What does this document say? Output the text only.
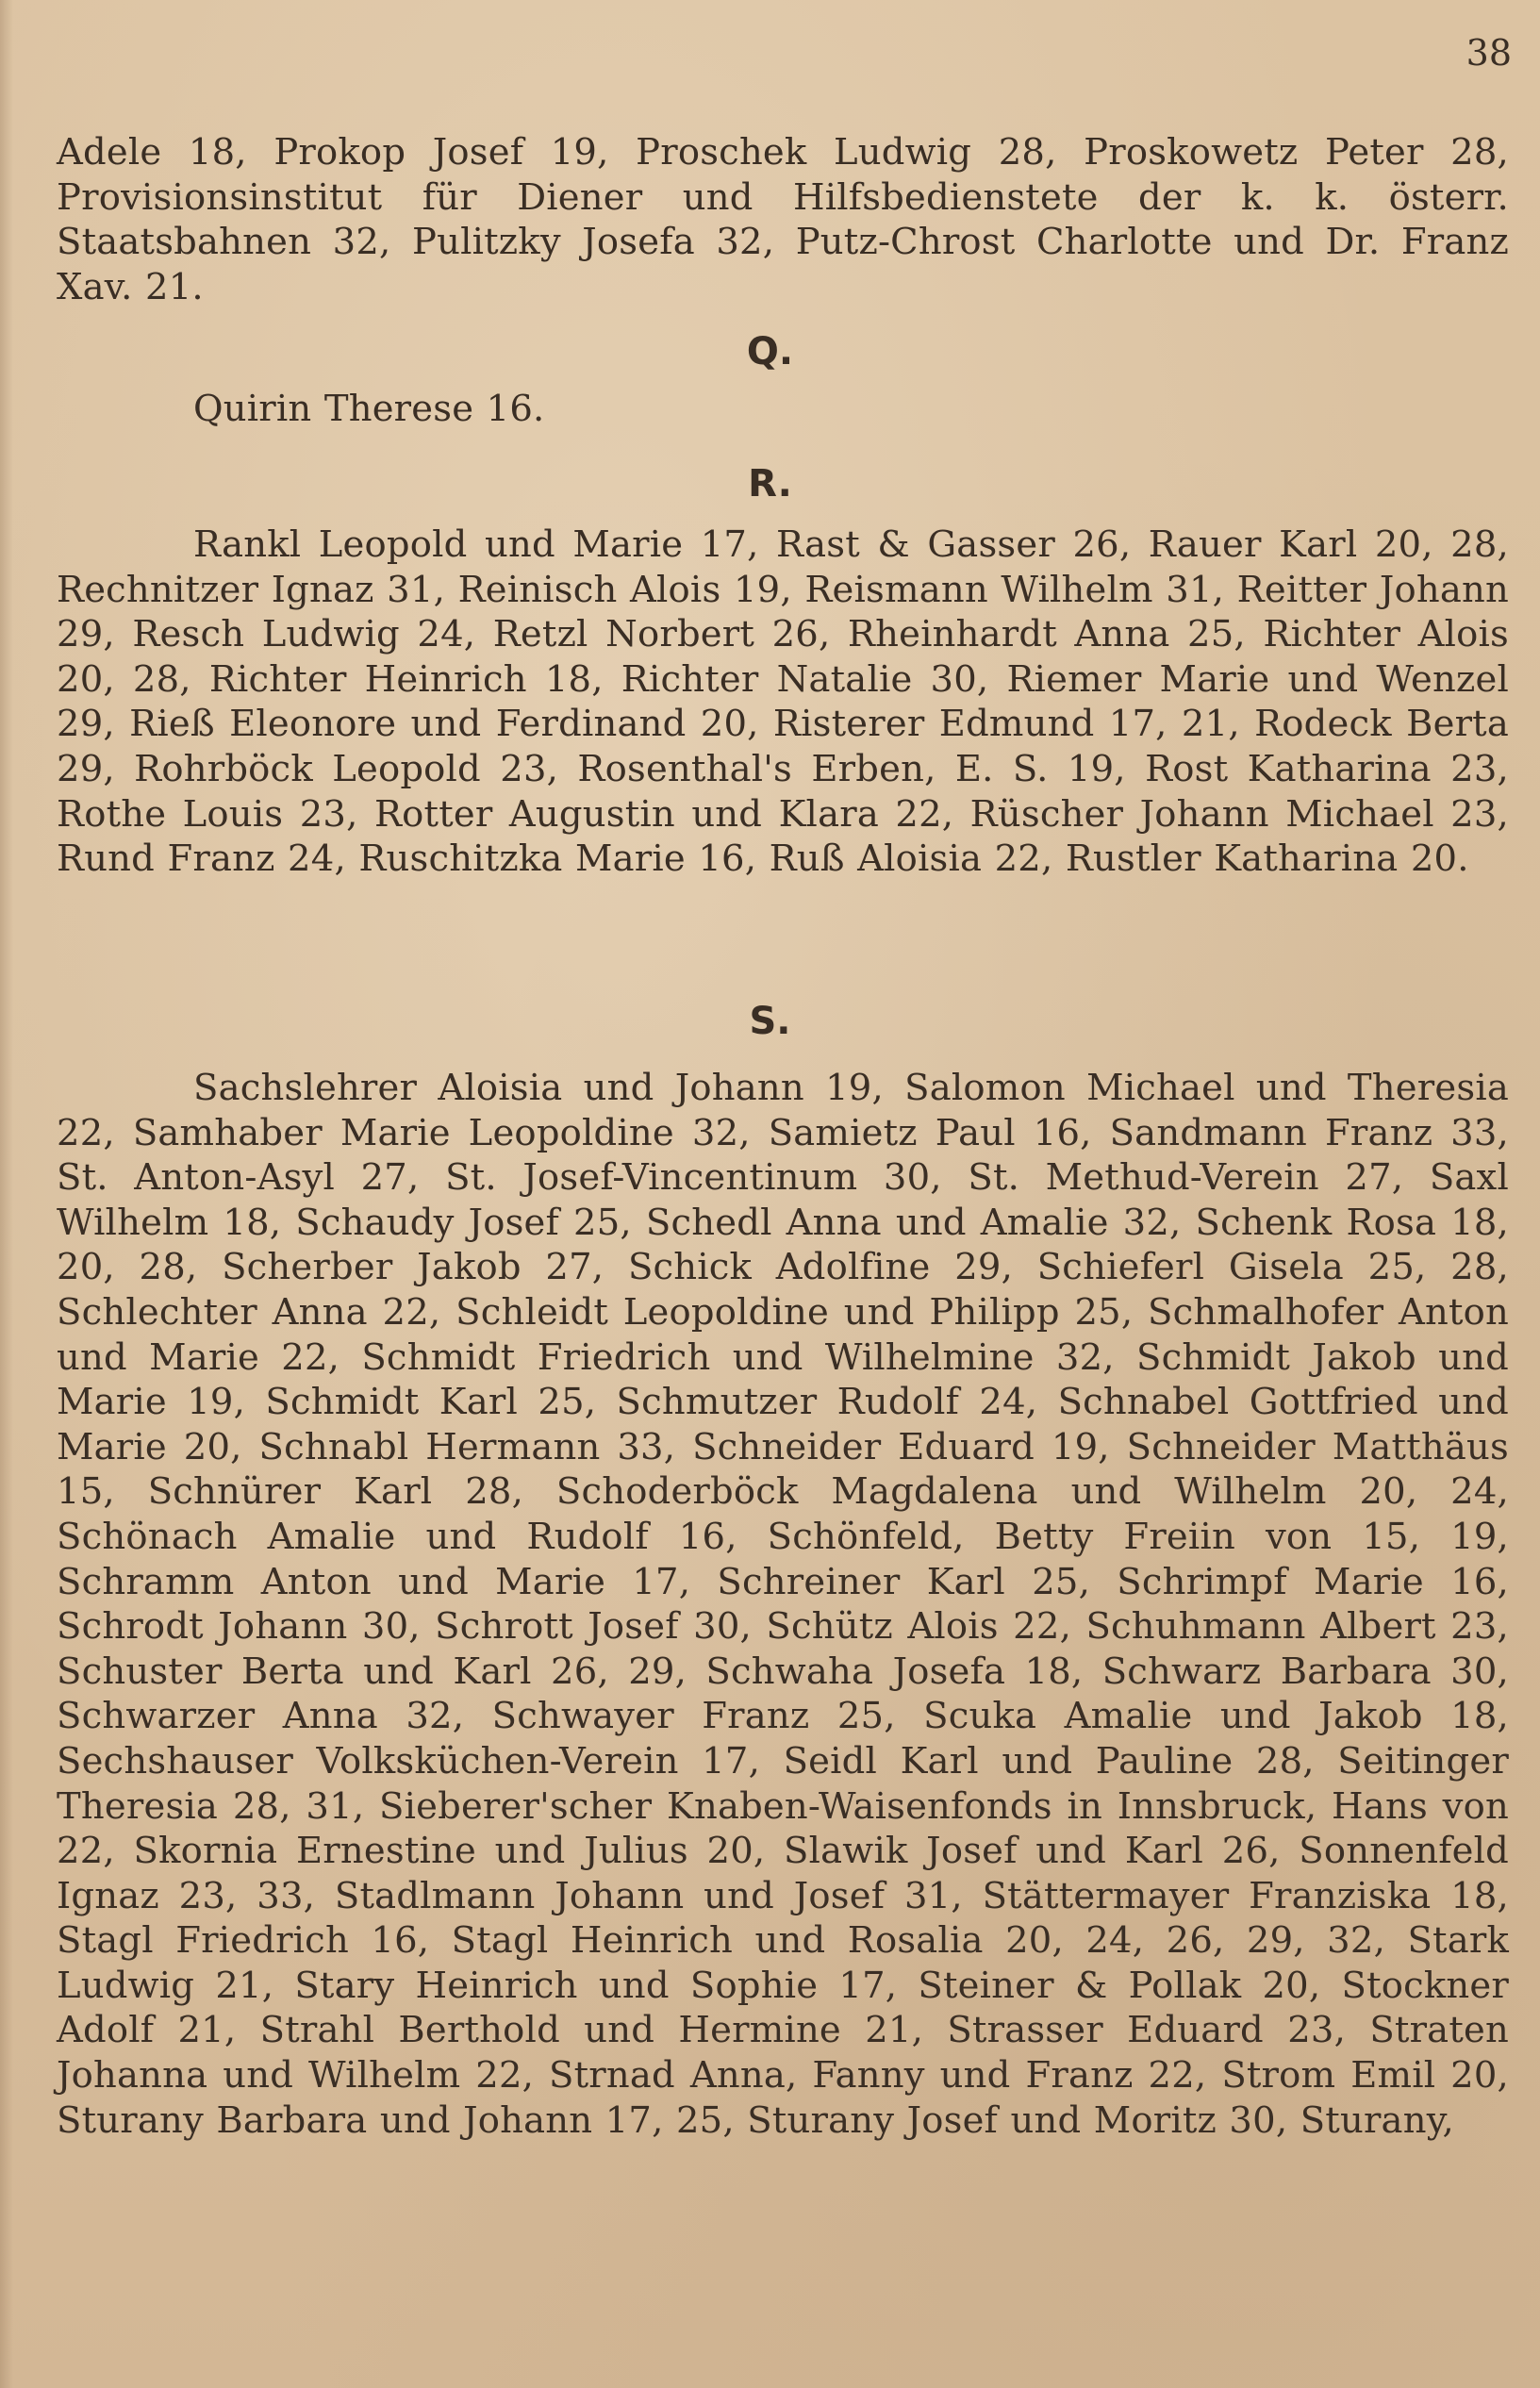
38
Adele 18, Prokop Josef 19, Proschek Ludwig 28, Proskowetz Peter 28, Provisionsinstitut für Diener und Hilfsbedienstete der k. k. österr. Staatsbahnen 32, Pulitzky Josefa 32, Putz-Chrost Charlotte und Dr. Franz Xav. 21.
Q.
Quirin Therese 16.
R.
Rankl Leopold und Marie 17, Rast & Gasser 26, Rauer Karl 20, 28, Rechnitzer Ignaz 31, Reinisch Alois 19, Reismann Wilhelm 31, Reitter Johann 29, Resch Ludwig 24, Retzl Norbert 26, Rheinhardt Anna 25, Richter Alois 20, 28, Richter Heinrich 18, Richter Natalie 30, Riemer Marie und Wenzel 29, Rieß Eleonore und Ferdinand 20, Risterer Edmund 17, 21, Rodeck Berta 29, Rohrböck Leopold 23, Rosenthal's Erben, E. S. 19, Rost Katharina 23, Rothe Louis 23, Rotter Augustin und Klara 22, Rüscher Johann Michael 23, Rund Franz 24, Ruschitzka Marie 16, Ruß Aloisia 22, Rustler Katharina 20.
S.
Sachslehrer Aloisia und Johann 19, Salomon Michael und Theresia 22, Samhaber Marie Leopoldine 32, Samietz Paul 16, Sandmann Franz 33, St. Anton-Asyl 27, St. Josef-Vincentinum 30, St. Methud-Verein 27, Saxl Wilhelm 18, Schaudy Josef 25, Schedl Anna und Amalie 32, Schenk Rosa 18, 20, 28, Scherber Jakob 27, Schick Adolfine 29, Schieferl Gisela 25, 28, Schlechter Anna 22, Schleidt Leopoldine und Philipp 25, Schmalhofer Anton und Marie 22, Schmidt Friedrich und Wilhelmine 32, Schmidt Jakob und Marie 19, Schmidt Karl 25, Schmutzer Rudolf 24, Schnabel Gottfried und Marie 20, Schnabl Hermann 33, Schneider Eduard 19, Schneider Matthäus 15, Schnürer Karl 28, Schoderböck Magdalena und Wilhelm 20, 24, Schönach Amalie und Rudolf 16, Schönfeld, Betty Freiin von 15, 19, Schramm Anton und Marie 17, Schreiner Karl 25, Schrimpf Marie 16, Schrodt Johann 30, Schrott Josef 30, Schütz Alois 22, Schuhmann Albert 23, Schuster Berta und Karl 26, 29, Schwaha Josefa 18, Schwarz Barbara 30, Schwarzer Anna 32, Schwayer Franz 25, Scuka Amalie und Jakob 18, Sechshauser Volksküchen-Verein 17, Seidl Karl und Pauline 28, Seitinger Theresia 28, 31, Sieberer'scher Knaben-Waisenfonds in Innsbruck, Hans von 22, Skornia Ernestine und Julius 20, Slawik Josef und Karl 26, Sonnenfeld Ignaz 23, 33, Stadlmann Johann und Josef 31, Stättermayer Franziska 18, Stagl Friedrich 16, Stagl Heinrich und Rosalia 20, 24, 26, 29, 32, Stark Ludwig 21, Stary Heinrich und Sophie 17, Steiner & Pollak 20, Stockner Adolf 21, Strahl Berthold und Hermine 21, Strasser Eduard 23, Straten Johanna und Wilhelm 22, Strnad Anna, Fanny und Franz 22, Strom Emil 20, Sturany Barbara und Johann 17, 25, Sturany Josef und Moritz 30, Sturany,
